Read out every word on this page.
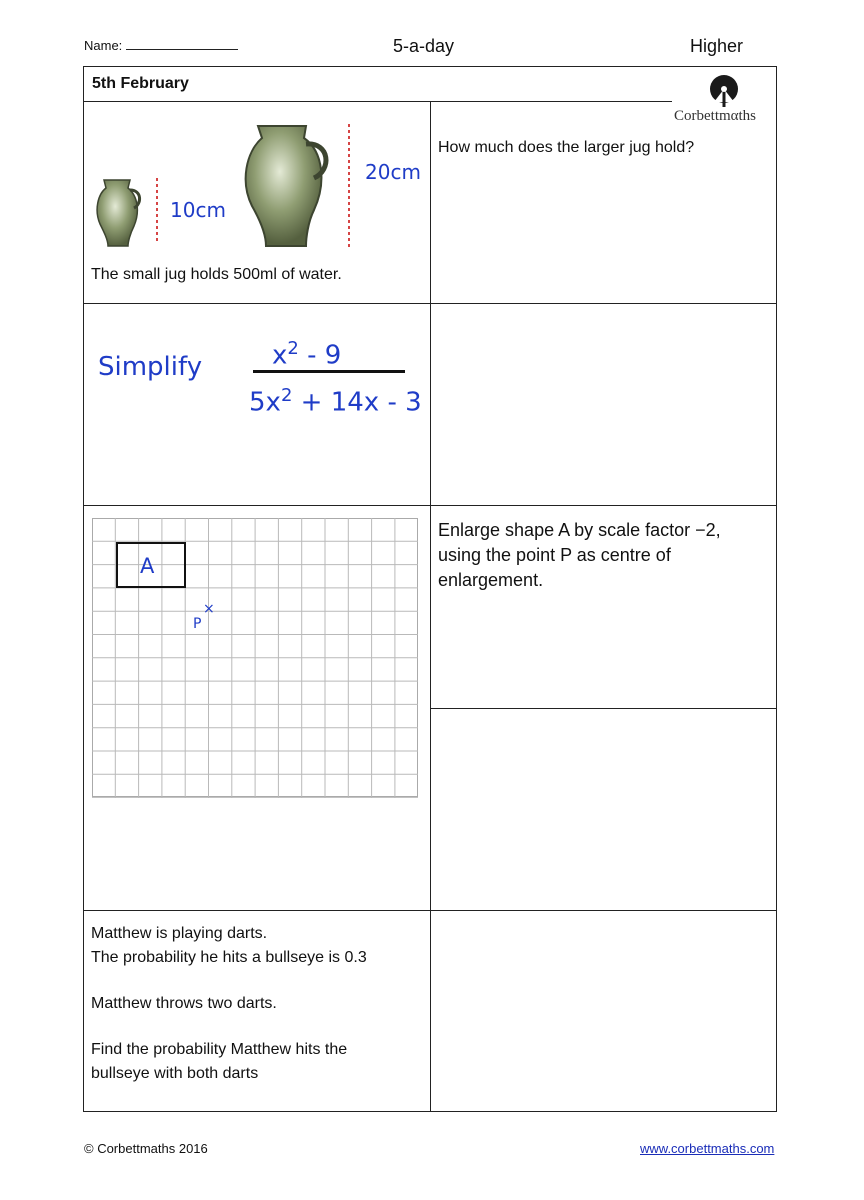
Name:	5-a-day	Higher
5th February
Corbettmαths
10cm
20cm
The small jug holds 500ml of water.
How much does the larger jug hold?
Simplify	$x^2 - 9$
$5x^2 + 14x - 3$
A
×
P
Enlarge shape A by scale factor −2,
using the point P as centre of
enlargement.
Matthew is playing darts.
The probability he hits a bullseye is 0.3
Matthew throws two darts.
Find the probability Matthew hits the
bullseye with both darts
© Corbettmaths 2016	www.corbettmaths.com
